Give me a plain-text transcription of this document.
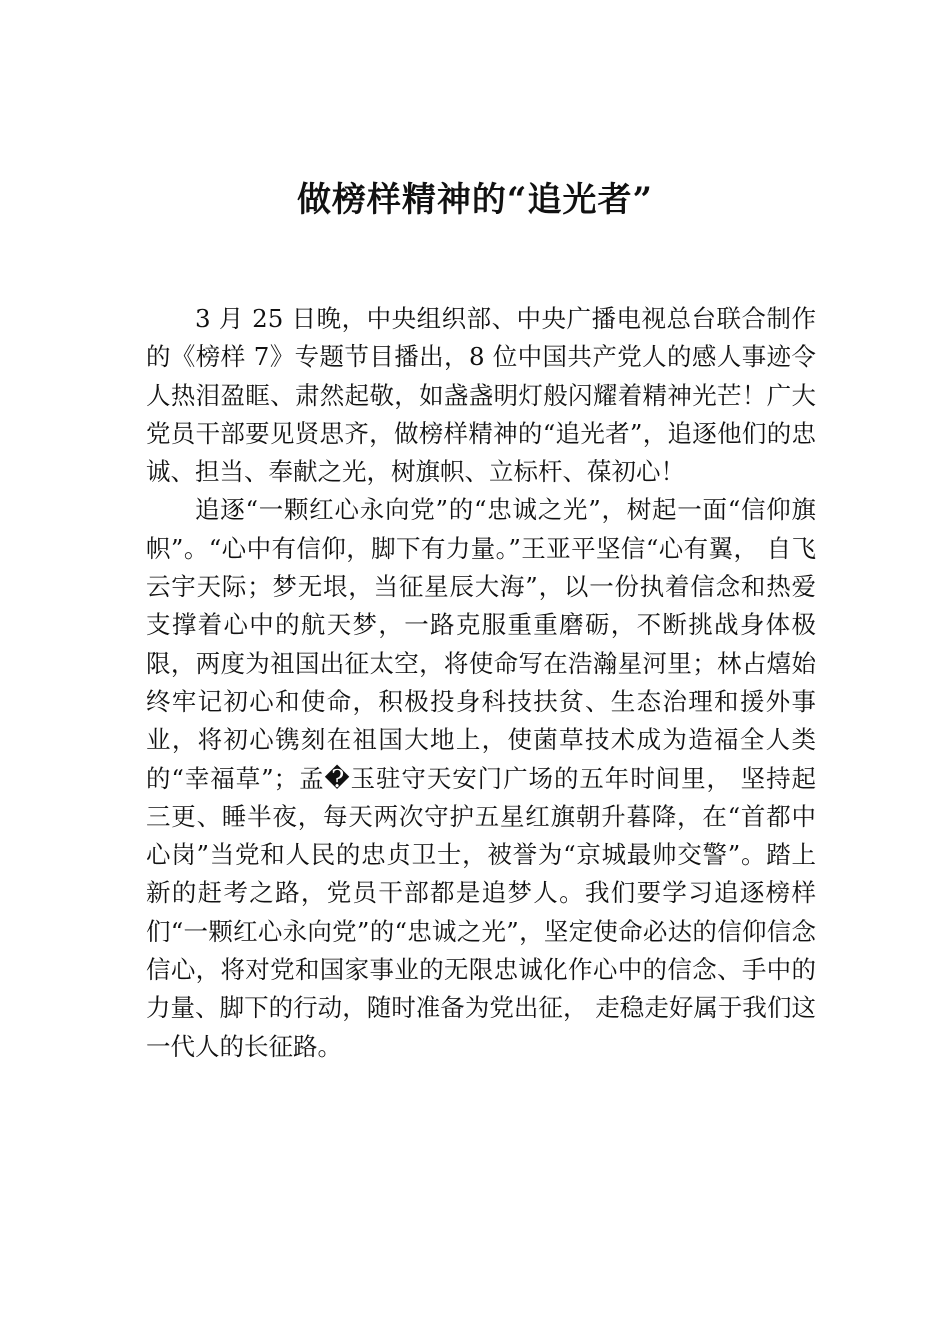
做榜样精神的“追光者”

3 月 25 日晚，中央组织部、中央广播电视总台联合制作的《榜样 7》专题节目播出，8 位中国共产党人的感人事迹令人热泪盈眶、肃然起敬，如盏盏明灯般闪耀着精神光芒！广大党员干部要见贤思齐，做榜样精神的“追光者”，追逐他们的忠诚、担当、奉献之光，树旗帜、立标杆、葆初心！

追逐“一颗红心永向党”的“忠诚之光”，树起一面“信仰旗帜”。“心中有信仰，脚下有力量。”王亚平坚信“心有翼， 自飞云宇天际；梦无垠，当征星辰大海”，以一份执着信念和热爱支撑着心中的航天梦，一路克服重重磨砺，不断挑战身体极限，两度为祖国出征太空，将使命写在浩瀚星河里；林占熺始终牢记初心和使命，积极投身科技扶贫、生态治理和援外事业，将初心镌刻在祖国大地上，使菌草技术成为造福全人类的“幸福草”；孟�玉驻守天安门广场的五年时间里， 坚持起三更、睡半夜，每天两次守护五星红旗朝升暮降，在“首都中心岗”当党和人民的忠贞卫士，被誉为“京城最帅交警”。踏上新的赶考之路，党员干部都是追梦人。我们要学习追逐榜样们“一颗红心永向党”的“忠诚之光”，坚定使命必达的信仰信念信心，将对党和国家事业的无限忠诚化作心中的信念、手中的力量、脚下的行动，随时准备为党出征， 走稳走好属于我们这一代人的长征路。
